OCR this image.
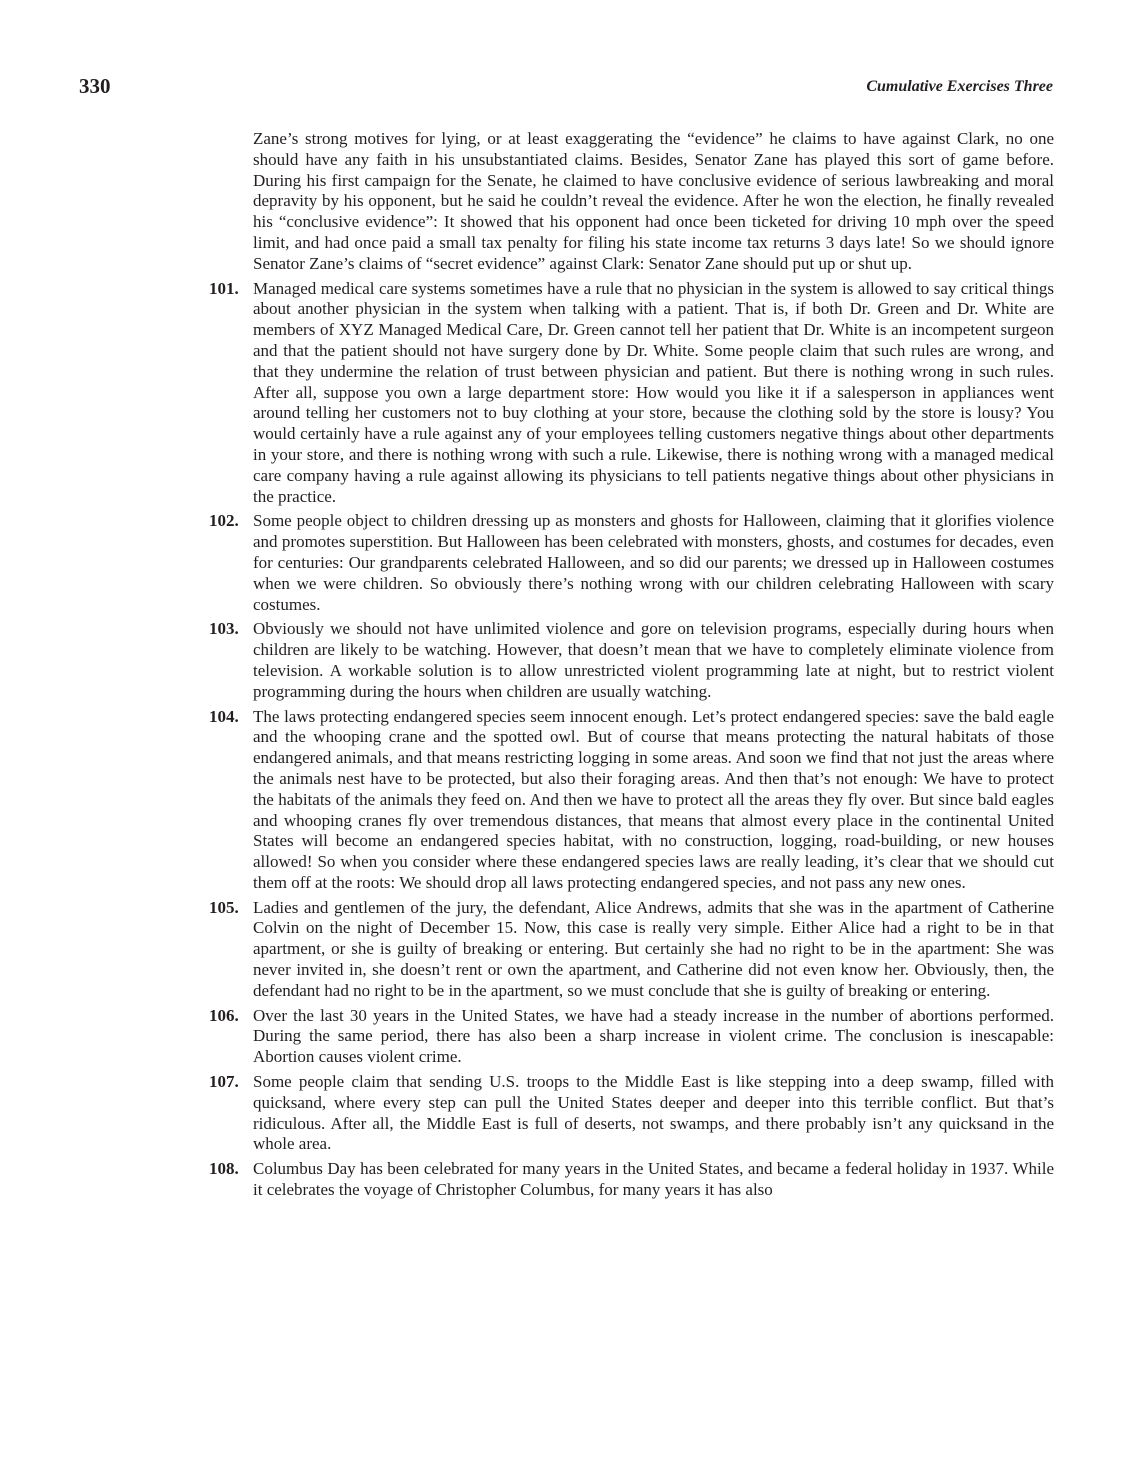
330	Cumulative Exercises Three

Zane’s strong motives for lying, or at least exaggerating the “evidence” he claims to have against Clark, no one should have any faith in his unsubstantiated claims. Besides, Senator Zane has played this sort of game before. During his first campaign for the Senate, he claimed to have conclusive evidence of serious lawbreaking and moral depravity by his opponent, but he said he couldn’t reveal the evidence. After he won the election, he finally revealed his “conclusive evidence”: It showed that his opponent had once been ticketed for driving 10 mph over the speed limit, and had once paid a small tax penalty for filing his state income tax returns 3 days late! So we should ignore Senator Zane’s claims of “secret evidence” against Clark: Senator Zane should put up or shut up.

101. Managed medical care systems sometimes have a rule that no physician in the system is allowed to say critical things about another physician in the system when talking with a patient. That is, if both Dr. Green and Dr. White are members of XYZ Managed Medical Care, Dr. Green cannot tell her patient that Dr. White is an incompetent surgeon and that the patient should not have surgery done by Dr. White. Some people claim that such rules are wrong, and that they undermine the relation of trust between physician and patient. But there is nothing wrong in such rules. After all, suppose you own a large department store: How would you like it if a salesperson in appliances went around telling her customers not to buy clothing at your store, because the clothing sold by the store is lousy? You would certainly have a rule against any of your employees telling customers negative things about other departments in your store, and there is nothing wrong with such a rule. Likewise, there is nothing wrong with a managed medical care company having a rule against allowing its physicians to tell patients negative things about other physicians in the practice.

102. Some people object to children dressing up as monsters and ghosts for Halloween, claiming that it glorifies violence and promotes superstition. But Halloween has been celebrated with monsters, ghosts, and costumes for decades, even for centuries: Our grandparents celebrated Halloween, and so did our parents; we dressed up in Halloween costumes when we were children. So obviously there’s nothing wrong with our children celebrating Halloween with scary costumes.

103. Obviously we should not have unlimited violence and gore on television programs, especially during hours when children are likely to be watching. However, that doesn’t mean that we have to completely eliminate violence from television. A workable solution is to allow unrestricted violent programming late at night, but to restrict violent programming during the hours when children are usually watching.

104. The laws protecting endangered species seem innocent enough. Let’s protect endangered species: save the bald eagle and the whooping crane and the spotted owl. But of course that means protecting the natural habitats of those endangered animals, and that means restricting logging in some areas. And soon we find that not just the areas where the animals nest have to be protected, but also their foraging areas. And then that’s not enough: We have to protect the habitats of the animals they feed on. And then we have to protect all the areas they fly over. But since bald eagles and whooping cranes fly over tremendous distances, that means that almost every place in the continental United States will become an endangered species habitat, with no construction, logging, road-building, or new houses allowed! So when you consider where these endangered species laws are really leading, it’s clear that we should cut them off at the roots: We should drop all laws protecting endangered species, and not pass any new ones.

105. Ladies and gentlemen of the jury, the defendant, Alice Andrews, admits that she was in the apartment of Catherine Colvin on the night of December 15. Now, this case is really very simple. Either Alice had a right to be in that apartment, or she is guilty of breaking or entering. But certainly she had no right to be in the apartment: She was never invited in, she doesn’t rent or own the apartment, and Catherine did not even know her. Obviously, then, the defendant had no right to be in the apartment, so we must conclude that she is guilty of breaking or entering.

106. Over the last 30 years in the United States, we have had a steady increase in the number of abortions performed. During the same period, there has also been a sharp increase in violent crime. The conclusion is inescapable: Abortion causes violent crime.

107. Some people claim that sending U.S. troops to the Middle East is like stepping into a deep swamp, filled with quicksand, where every step can pull the United States deeper and deeper into this terrible conflict. But that’s ridiculous. After all, the Middle East is full of deserts, not swamps, and there probably isn’t any quicksand in the whole area.

108. Columbus Day has been celebrated for many years in the United States, and became a federal holiday in 1937. While it celebrates the voyage of Christopher Columbus, for many years it has also
